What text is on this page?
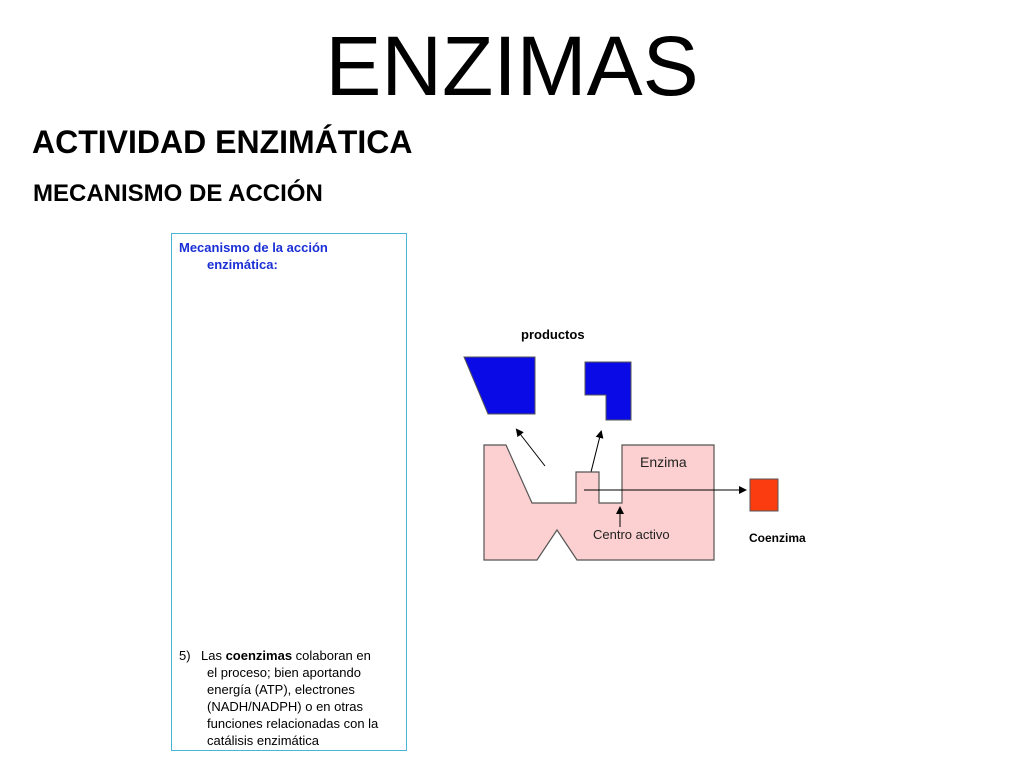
ENZIMAS
ACTIVIDAD ENZIMÁTICA
MECANISMO DE ACCIÓN
Mecanismo de la acción
enzimática:
5) Las coenzimas colaboran en
el proceso; bien aportando
energía (ATP), electrones
(NADH/NADPH) o en otras
funciones relacionadas con la
catálisis enzimática
productos
Enzima
Centro activo	Coenzima
